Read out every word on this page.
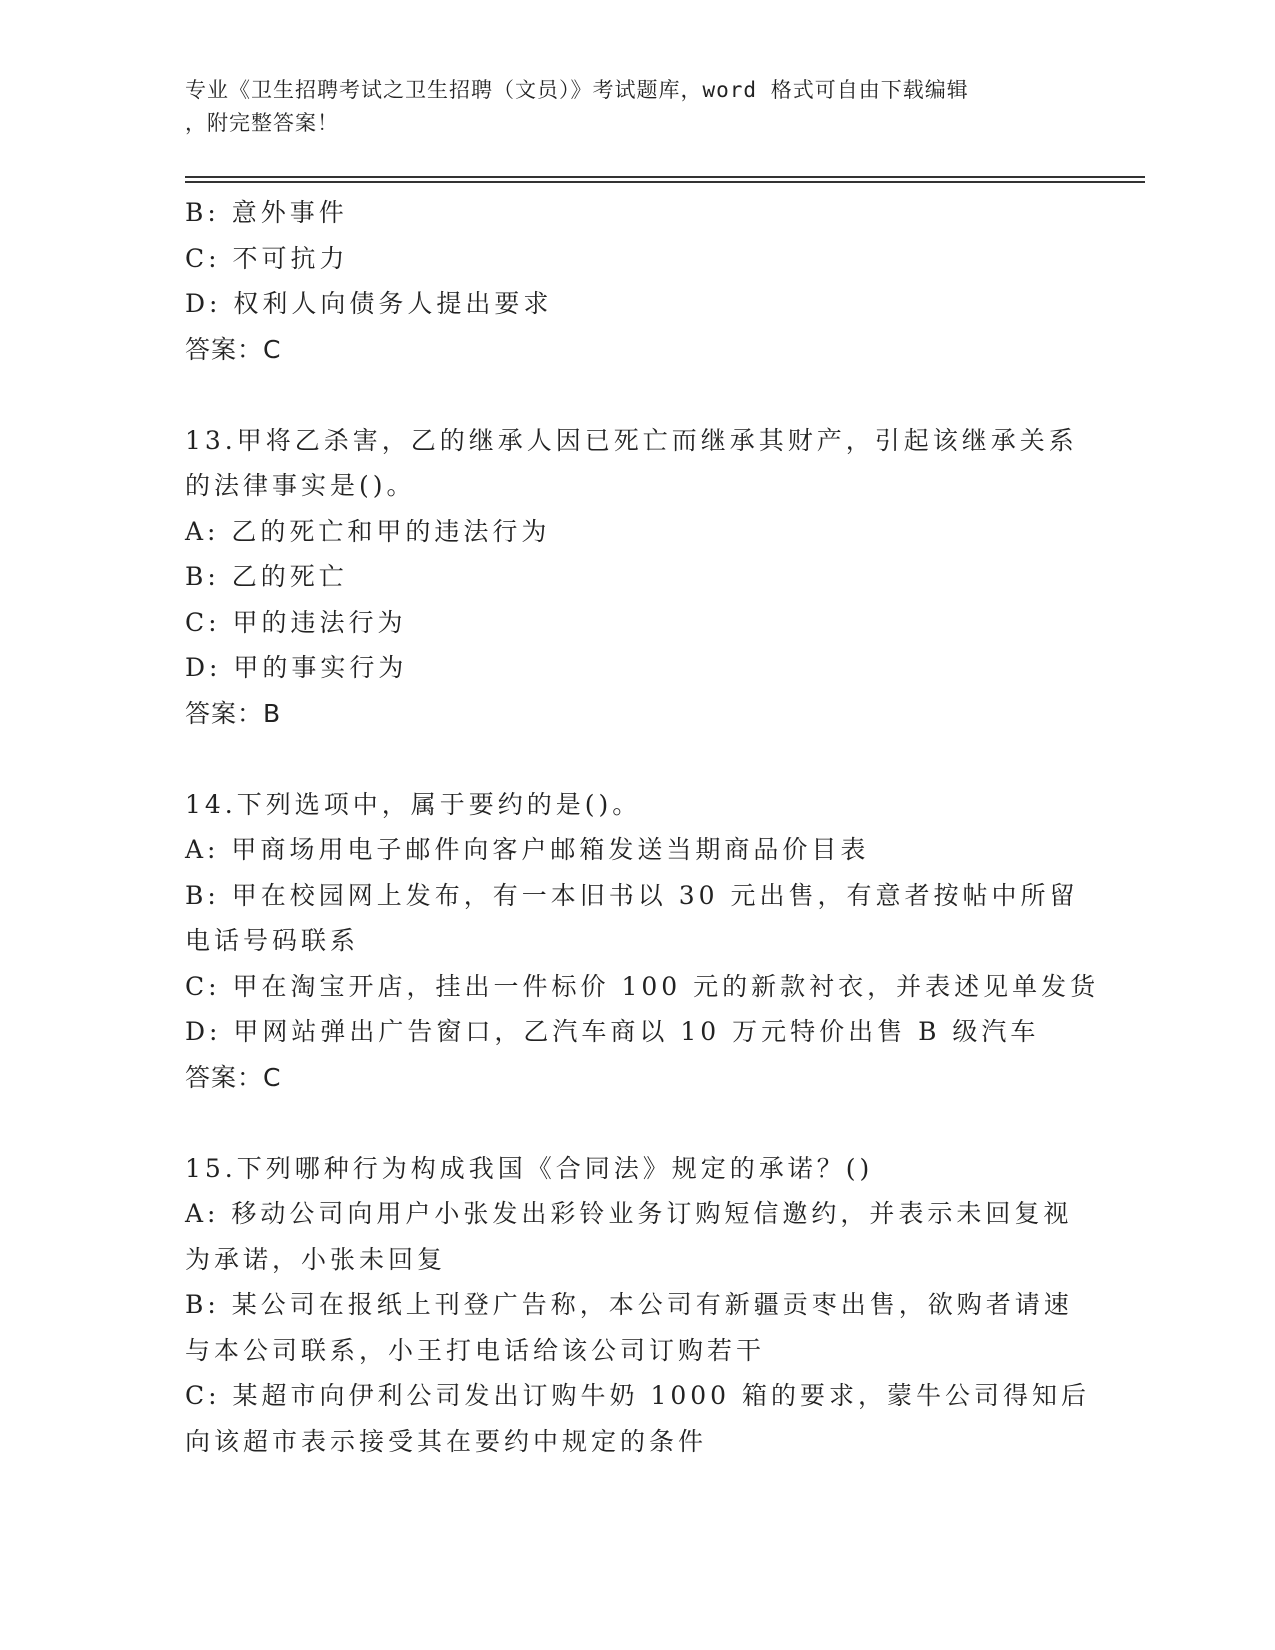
专业《卫生招聘考试之卫生招聘（文员）》考试题库，word 格式可自由下载编辑
，附完整答案！
B: 意外事件
C: 不可抗力
D: 权利人向债务人提出要求
答案：C
13.甲将乙杀害，乙的继承人因已死亡而继承其财产，引起该继承关系
的法律事实是()。
A: 乙的死亡和甲的违法行为
B: 乙的死亡
C: 甲的违法行为
D: 甲的事实行为
答案：B
14.下列选项中，属于要约的是()。
A: 甲商场用电子邮件向客户邮箱发送当期商品价目表
B: 甲在校园网上发布，有一本旧书以 30 元出售，有意者按帖中所留
电话号码联系
C: 甲在淘宝开店，挂出一件标价 100 元的新款衬衣，并表述见单发货
D: 甲网站弹出广告窗口，乙汽车商以 10 万元特价出售 B 级汽车
答案：C
15.下列哪种行为构成我国《合同法》规定的承诺？()
A: 移动公司向用户小张发出彩铃业务订购短信邀约，并表示未回复视
为承诺，小张未回复
B: 某公司在报纸上刊登广告称，本公司有新疆贡枣出售，欲购者请速
与本公司联系，小王打电话给该公司订购若干
C: 某超市向伊利公司发出订购牛奶 1000 箱的要求，蒙牛公司得知后
向该超市表示接受其在要约中规定的条件
